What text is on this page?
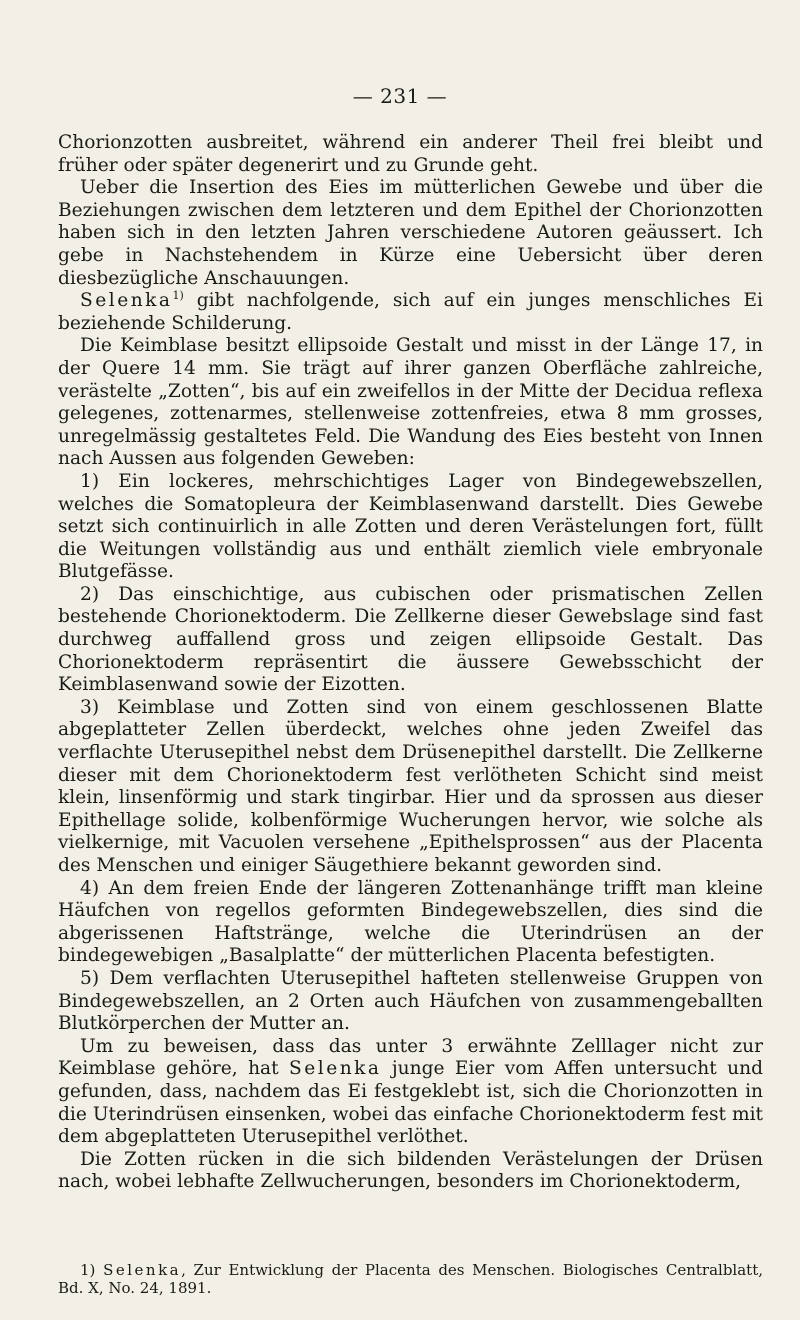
— 231 —

Chorionzotten ausbreitet, während ein anderer Theil frei bleibt und früher oder später degenerirt und zu Grunde geht.

Ueber die Insertion des Eies im mütterlichen Gewebe und über die Beziehungen zwischen dem letzteren und dem Epithel der Chorionzotten haben sich in den letzten Jahren verschiedene Autoren geäussert. Ich gebe in Nachstehendem in Kürze eine Uebersicht über deren diesbezügliche Anschauungen.

Selenka$^{1)}$ gibt nachfolgende, sich auf ein junges menschliches Ei beziehende Schilderung.

Die Keimblase besitzt ellipsoide Gestalt und misst in der Länge 17, in der Quere 14 mm. Sie trägt auf ihrer ganzen Oberfläche zahlreiche, verästelte „Zotten“, bis auf ein zweifellos in der Mitte der Decidua reflexa gelegenes, zottenarmes, stellenweise zottenfreies, etwa 8 mm grosses, unregelmässig gestaltetes Feld. Die Wandung des Eies besteht von Innen nach Aussen aus folgenden Geweben:

1) Ein lockeres, mehrschichtiges Lager von Bindegewebszellen, welches die Somatopleura der Keimblasenwand darstellt. Dies Gewebe setzt sich continuirlich in alle Zotten und deren Verästelungen fort, füllt die Weitungen vollständig aus und enthält ziemlich viele embryonale Blutgefässe.

2) Das einschichtige, aus cubischen oder prismatischen Zellen bestehende Chorionektoderm. Die Zellkerne dieser Gewebslage sind fast durchweg auffallend gross und zeigen ellipsoide Gestalt. Das Chorionektoderm repräsentirt die äussere Gewebsschicht der Keimblasenwand sowie der Eizotten.

3) Keimblase und Zotten sind von einem geschlossenen Blatte abgeplatteter Zellen überdeckt, welches ohne jeden Zweifel das verflachte Uterusepithel nebst dem Drüsenepithel darstellt. Die Zellkerne dieser mit dem Chorionektoderm fest verlötheten Schicht sind meist klein, linsenförmig und stark tingirbar. Hier und da sprossen aus dieser Epithellage solide, kolbenförmige Wucherungen hervor, wie solche als vielkernige, mit Vacuolen versehene „Epithelsprossen“ aus der Placenta des Menschen und einiger Säugethiere bekannt geworden sind.

4) An dem freien Ende der längeren Zottenanhänge trifft man kleine Häufchen von regellos geformten Bindegewebszellen, dies sind die abgerissenen Haftstränge, welche die Uterindrüsen an der bindegewebigen „Basalplatte“ der mütterlichen Placenta befestigten.

5) Dem verflachten Uterusepithel hafteten stellenweise Gruppen von Bindegewebszellen, an 2 Orten auch Häufchen von zusammengeballten Blutkörperchen der Mutter an.

Um zu beweisen, dass das unter 3 erwähnte Zelllager nicht zur Keimblase gehöre, hat Selenka junge Eier vom Affen untersucht und gefunden, dass, nachdem das Ei festgeklebt ist, sich die Chorionzotten in die Uterindrüsen einsenken, wobei das einfache Chorionektoderm fest mit dem abgeplatteten Uterusepithel verlöthet.

Die Zotten rücken in die sich bildenden Verästelungen der Drüsen nach, wobei lebhafte Zellwucherungen, besonders im Chorionektoderm,

1) Selenka, Zur Entwicklung der Placenta des Menschen. Biologisches Centralblatt, Bd. X, No. 24, 1891.
